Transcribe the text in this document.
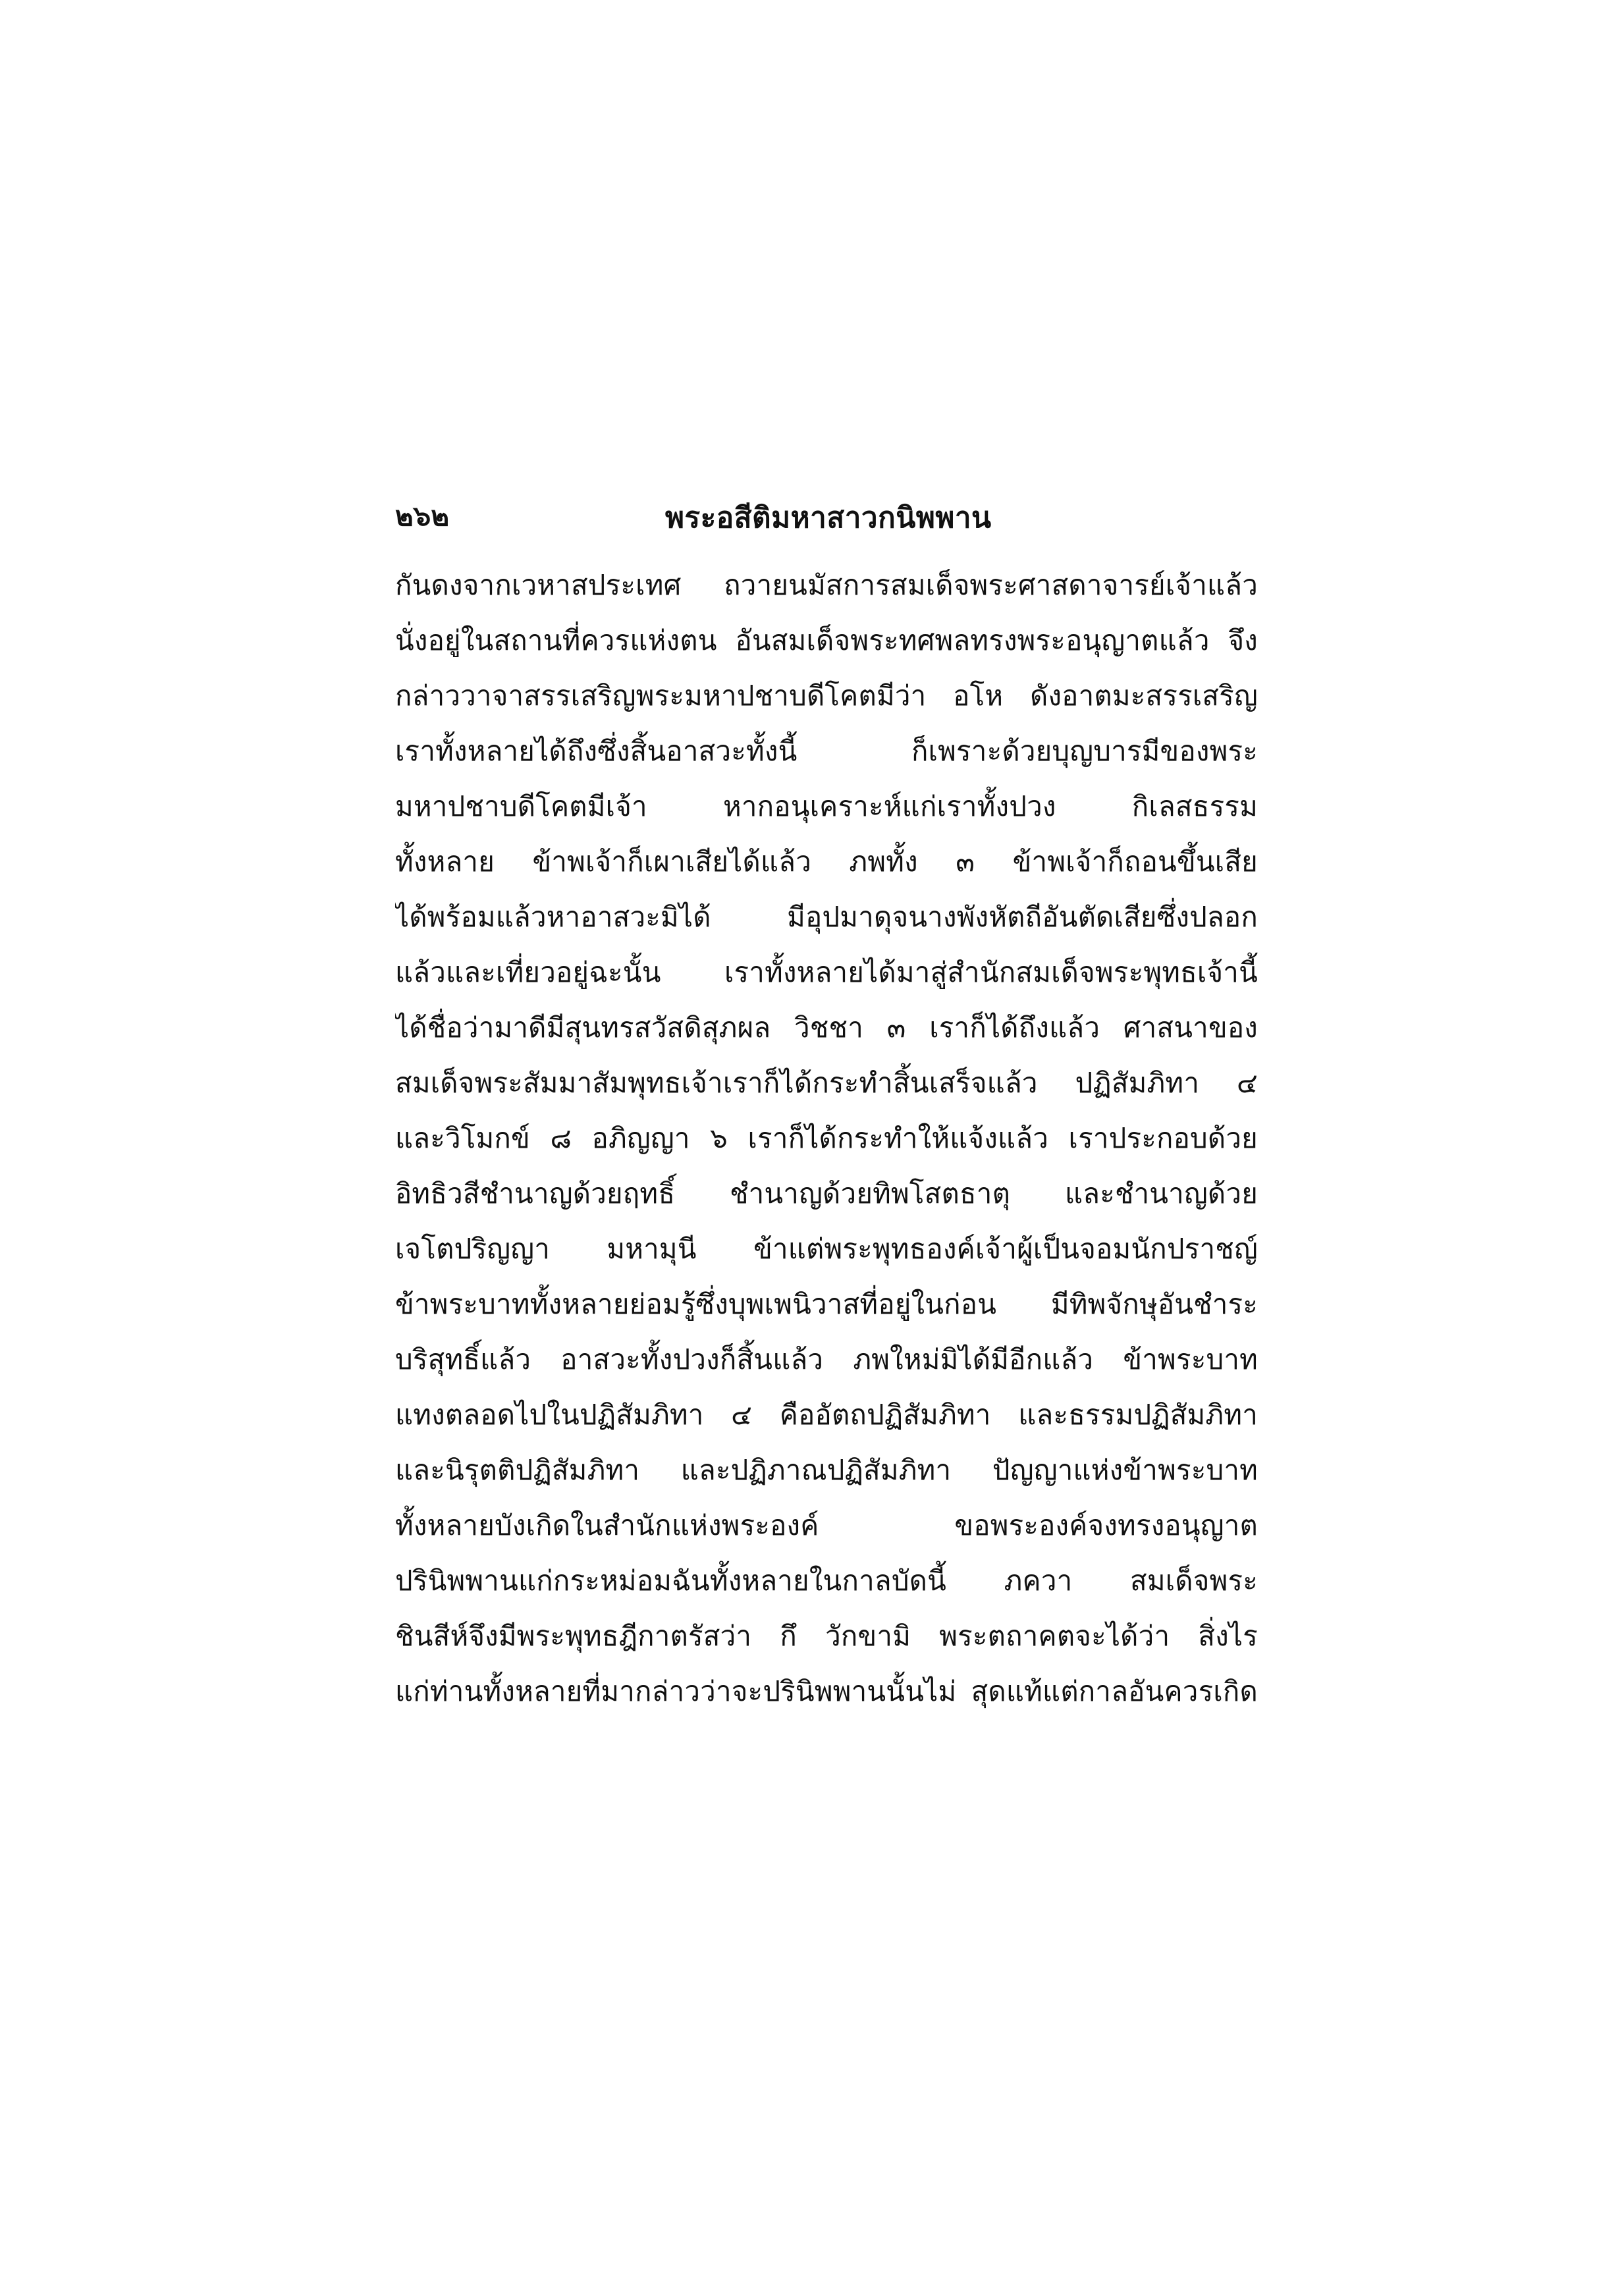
๒๖๒	พระอสีติมหาสาวกนิพพาน
กันดงจากเวหาสประเทศ ถวายนมัสการสมเด็จพระศาสดาจารย์เจ้าแล้ว
นั่งอยู่ในสถานที่ควรแห่งตน อันสมเด็จพระทศพลทรงพระอนุญาตแล้ว จึง
กล่าววาจาสรรเสริญพระมหาปชาบดีโคตมีว่า อโห ดังอาตมะสรรเสริญ
เราทั้งหลายได้ถึงซึ่งสิ้นอาสวะทั้งนี้ ก็เพราะด้วยบุญบารมีของพระ
มหาปชาบดีโคตมีเจ้า หากอนุเคราะห์แก่เราทั้งปวง กิเลสธรรม
ทั้งหลาย ข้าพเจ้าก็เผาเสียได้แล้ว ภพทั้ง ๓ ข้าพเจ้าก็ถอนขึ้นเสีย
ได้พร้อมแล้วหาอาสวะมิได้ มีอุปมาดุจนางพังหัตถีอันตัดเสียซึ่งปลอก
แล้วและเที่ยวอยู่ฉะนั้น เราทั้งหลายได้มาสู่สำนักสมเด็จพระพุทธเจ้านี้
ได้ชื่อว่ามาดีมีสุนทรสวัสดิสุภผล วิชชา ๓ เราก็ได้ถึงแล้ว ศาสนาของ
สมเด็จพระสัมมาสัมพุทธเจ้าเราก็ได้กระทำสิ้นเสร็จแล้ว ปฏิสัมภิทา ๔
และวิโมกข์ ๘ อภิญญา ๖ เราก็ได้กระทำให้แจ้งแล้ว เราประกอบด้วย
อิทธิวสีชำนาญด้วยฤทธิ์ ชำนาญด้วยทิพโสตธาตุ และชำนาญด้วย
เจโตปริญญา มหามุนี ข้าแต่พระพุทธองค์เจ้าผู้เป็นจอมนักปราชญ์
ข้าพระบาททั้งหลายย่อมรู้ซึ่งบุพเพนิวาสที่อยู่ในก่อน มีทิพจักษุอันชำระ
บริสุทธิ์แล้ว อาสวะทั้งปวงก็สิ้นแล้ว ภพใหม่มิได้มีอีกแล้ว ข้าพระบาท
แทงตลอดไปในปฏิสัมภิทา ๔ คืออัตถปฏิสัมภิทา และธรรมปฏิสัมภิทา
และนิรุตติปฏิสัมภิทา และปฏิภาณปฏิสัมภิทา ปัญญาแห่งข้าพระบาท
ทั้งหลายบังเกิดในสำนักแห่งพระองค์ ขอพระองค์จงทรงอนุญาต
ปรินิพพานแก่กระหม่อมฉันทั้งหลายในกาลบัดนี้ ภควา สมเด็จพระ
ชินสีห์จึงมีพระพุทธฎีกาตรัสว่า กึ วักขามิ พระตถาคตจะได้ว่า สิ่งไร
แก่ท่านทั้งหลายที่มากล่าวว่าจะปรินิพพานนั้นไม่ สุดแท้แต่กาลอันควรเกิด
